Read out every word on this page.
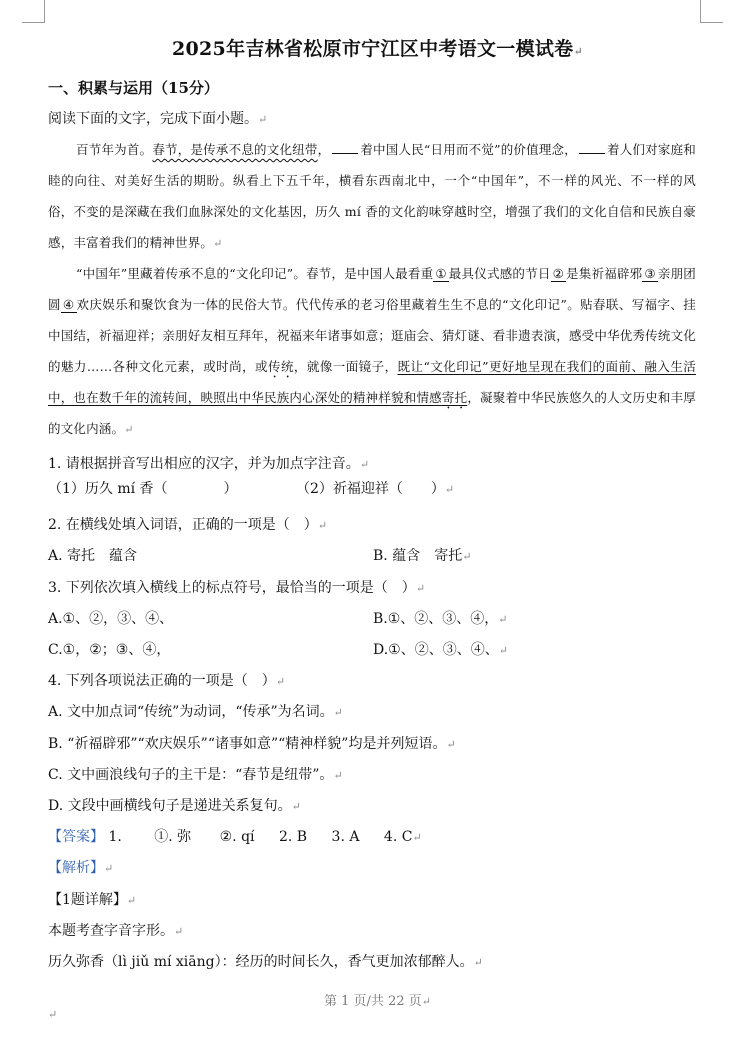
2025年吉林省松原市宁江区中考语文一模试卷↵
一、积累与运用（15分）
阅读下面的文字，完成下面小题。↵
百节年为首。春节，是传承不息的文化纽带， 着中国人民“日用而不觉”的价值理念， 着人们对家庭和睦的向往、对美好生活的期盼。纵看上下五千年，横看东西南北中，一个“中国年”，不一样的风光、不一样的风俗，不变的是深藏在我们血脉深处的文化基因，历久 mí 香的文化韵味穿越时空，增强了我们的文化自信和民族自豪感，丰富着我们的精神世界。↵
“中国年”里藏着传承不息的“文化印记”。春节，是中国人最看重 ① 最具仪式感的节日 ② 是集祈福辟邪 ③ 亲朋团圆 ④ 欢庆娱乐和聚饮食为一体的民俗大节。代代传承的老习俗里藏着生生不息的“文化印记”。贴春联、写福字、挂中国结，祈福迎祥；亲朋好友相互拜年，祝福来年诸事如意；逛庙会、猜灯谜、看非遗表演，感受中华优秀传统文化的魅力……各种文化元素，或时尚，或传统，就像一面镜子，既让“文化印记”更好地呈现在我们的面前、融入生活中，也在数千年的流转间，映照出中华民族内心深处的精神样貌和情感寄托，凝聚着中华民族悠久的人文历史和丰厚的文化内涵。↵
1. 请根据拼音写出相应的汉字，并为加点字注音。↵
（1）历久 mí 香（　　　　）	（2）祈福迎祥（　　）↵
2. 在横线处填入词语，正确的一项是（　）↵
A. 寄托　蕴含	B. 蕴含　寄托↵
3. 下列依次填入横线上的标点符号，最恰当的一项是（　）↵
A.①、②，③、④、	B.①、②、③、④，↵
C.①，②；③、④，	D.①、②、③、④、↵
4. 下列各项说法正确的一项是（　）↵
A. 文中加点词“传统”为动词，“传承”为名词。↵
B. “祈福辟邪”“欢庆娱乐”“诸事如意”“精神样貌”均是并列短语。↵
C. 文中画浪线句子的主干是：“春节是纽带”。↵
D. 文段中画横线句子是递进关系复句。↵
【答案】 1. ①. 弥 ②. qí 2. B 3. A 4. C↵
【解析】↵
【1题详解】↵
本题考查字音字形。↵
历久弥香（lì jiǔ mí xiāng）：经历的时间长久，香气更加浓郁醉人。↵
第 1 页/共 22 页↵
↵
